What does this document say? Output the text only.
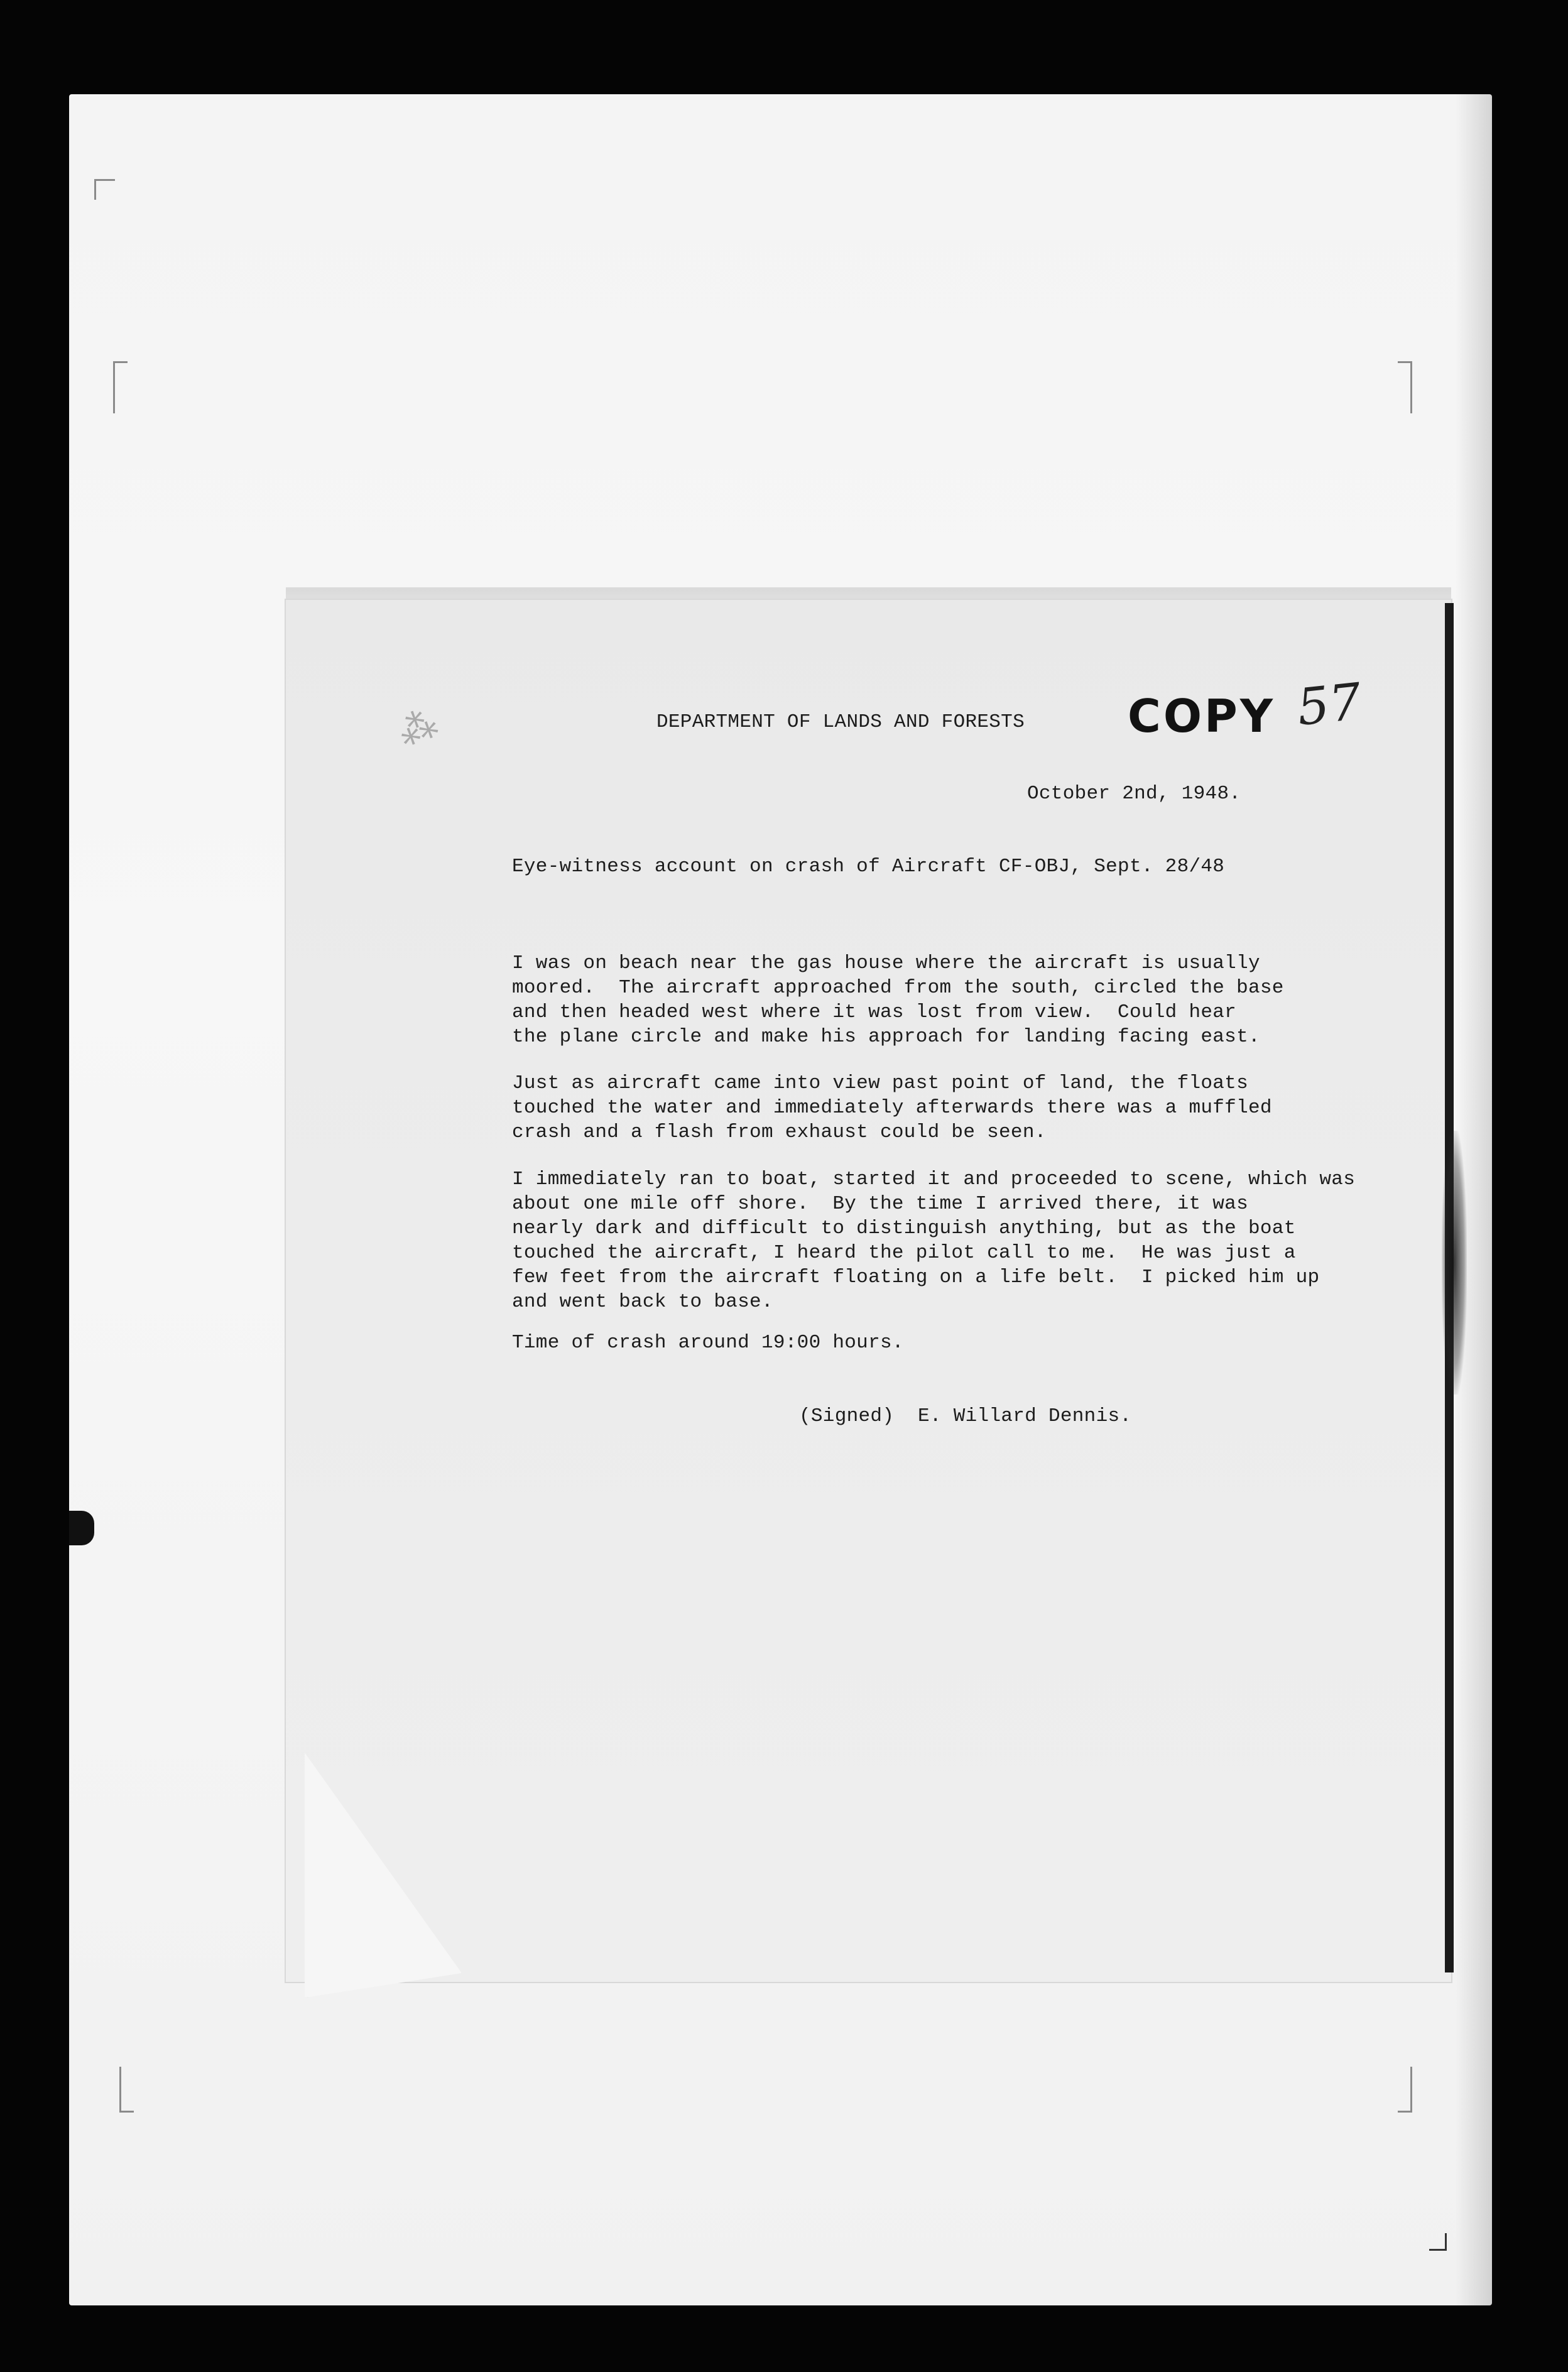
⁂	DEPARTMENT OF LANDS AND FORESTS COPY 57
October 2nd, 1948.
Eye-witness account on crash of Aircraft CF-OBJ, Sept. 28/48
I was on beach near the gas house where the aircraft is usually
moored.  The aircraft approached from the south, circled the base
and then headed west where it was lost from view.  Could hear
the plane circle and make his approach for landing facing east.
Just as aircraft came into view past point of land, the floats
touched the water and immediately afterwards there was a muffled
crash and a flash from exhaust could be seen.
I immediately ran to boat, started it and proceeded to scene, which was
about one mile off shore.  By the time I arrived there, it was
nearly dark and difficult to distinguish anything, but as the boat
touched the aircraft, I heard the pilot call to me.  He was just a
few feet from the aircraft floating on a life belt.  I picked him up
and went back to base.
Time of crash around 19:00 hours.
(Signed)  E. Willard Dennis.
